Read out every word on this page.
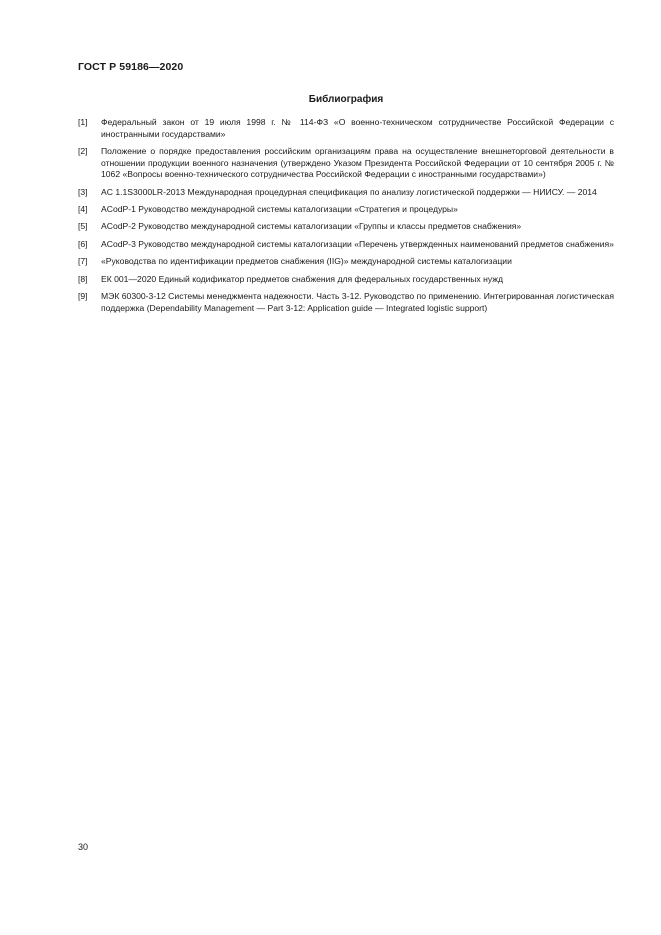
ГОСТ Р 59186—2020
Библиография
[1]	Федеральный закон от 19 июля 1998 г. № 114-ФЗ «О военно-техническом сотрудничестве Российской Федерации с иностранными государствами»
[2]	Положение о порядке предоставления российским организациям права на осуществление внешнеторговой деятельности в отношении продукции военного назначения (утверждено Указом Президента Российской Федерации от 10 сентября 2005 г. № 1062 «Вопросы военно-технического сотрудничества Российской Федерации с иностранными государствами»)
[3]	AC 1.1S3000LR-2013 Международная процедурная спецификация по анализу логистической поддержки — НИИСУ. — 2014
[4]	ACodP-1 Руководство международной системы каталогизации «Стратегия и процедуры»
[5]	ACodP-2 Руководство международной системы каталогизации «Группы и классы предметов снабжения»
[6]	ACodP-3 Руководство международной системы каталогизации «Перечень утвержденных наименований предметов снабжения»
[7]	«Руководства по идентификации предметов снабжения (IIG)» международной системы каталогизации
[8]	ЕК 001—2020 Единый кодификатор предметов снабжения для федеральных государственных нужд
[9]	МЭК 60300-3-12 Системы менеджмента надежности. Часть 3-12. Руководство по применению. Интегрированная логистическая поддержка (Dependability Management — Part 3-12: Application guide — Integrated logistic support)
30
